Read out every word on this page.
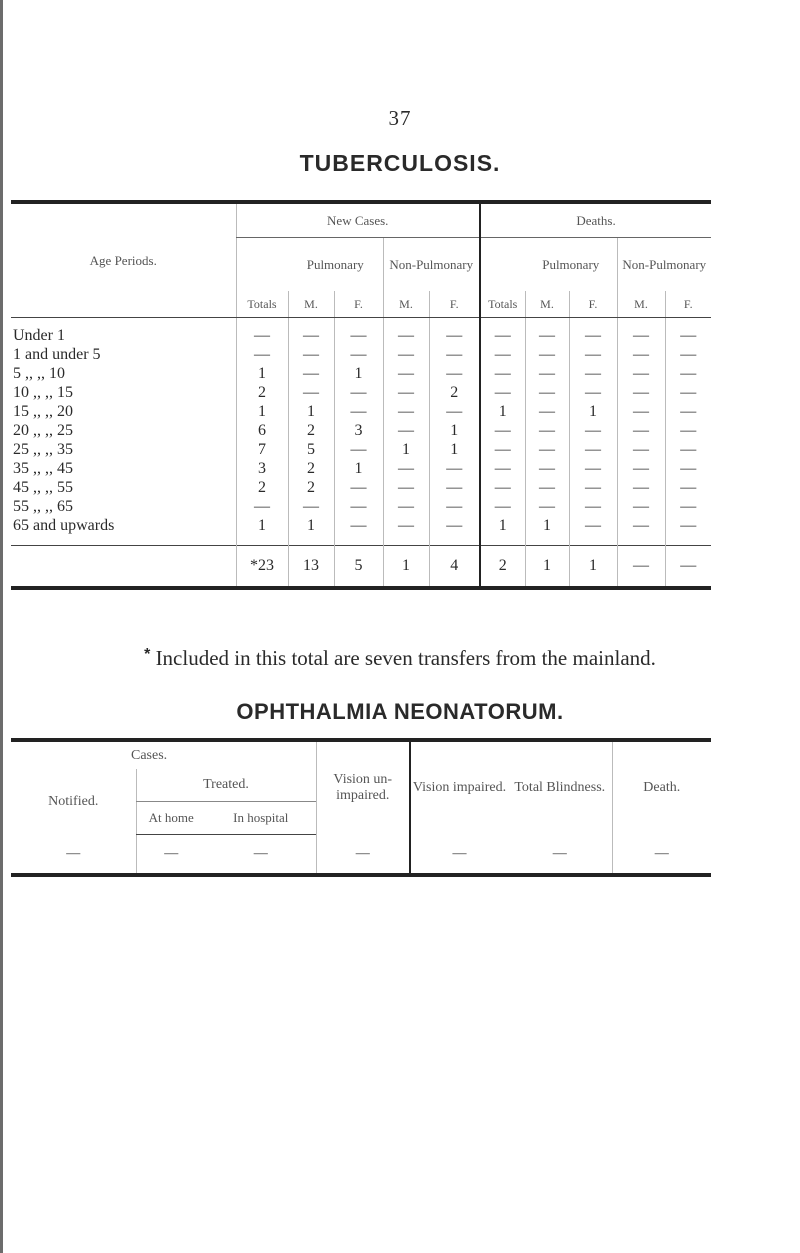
37
TUBERCULOSIS.
Age Periods.	New Cases.					Deaths.				
		Pulmonary		Non-Pulmonary			Pulmonary		Non-Pulmonary	
	Totals	M.	F.	M.	F.	Totals	M.	F.	M.	F.

Under 1	—	—	—	—	—	—	—	—	—	—
1 and under 5	—	—	—	—	—	—	—	—	—	—
5 ,, ,, 10	1	—	1	—	—	—	—	—	—	—
10 ,, ,, 15	2	—	—	—	2	—	—	—	—	—
15 ,, ,, 20	1	1	—	—	—	1	—	1	—	—
20 ,, ,, 25	6	2	3	—	1	—	—	—	—	—
25 ,, ,, 35	7	5	—	1	1	—	—	—	—	—
35 ,, ,, 45	3	2	1	—	—	—	—	—	—	—
45 ,, ,, 55	2	2	—	—	—	—	—	—	—	—
55 ,, ,, 65	—	—	—	—	—	—	—	—	—	—
65 and upwards	1	1	—	—	—	1	1	—	—	—

	*23	13	5	1	4	2	1	1	—	—
* Included in this total are seven transfers from the mainland.
OPHTHALMIA NEONATORUM.
Cases.			Vision un-impaired.	Vision impaired.	Total Blindness.	Death.
Notified.	Treated.					
	At home	In hospital				
—	—	—	—	—	—	—
